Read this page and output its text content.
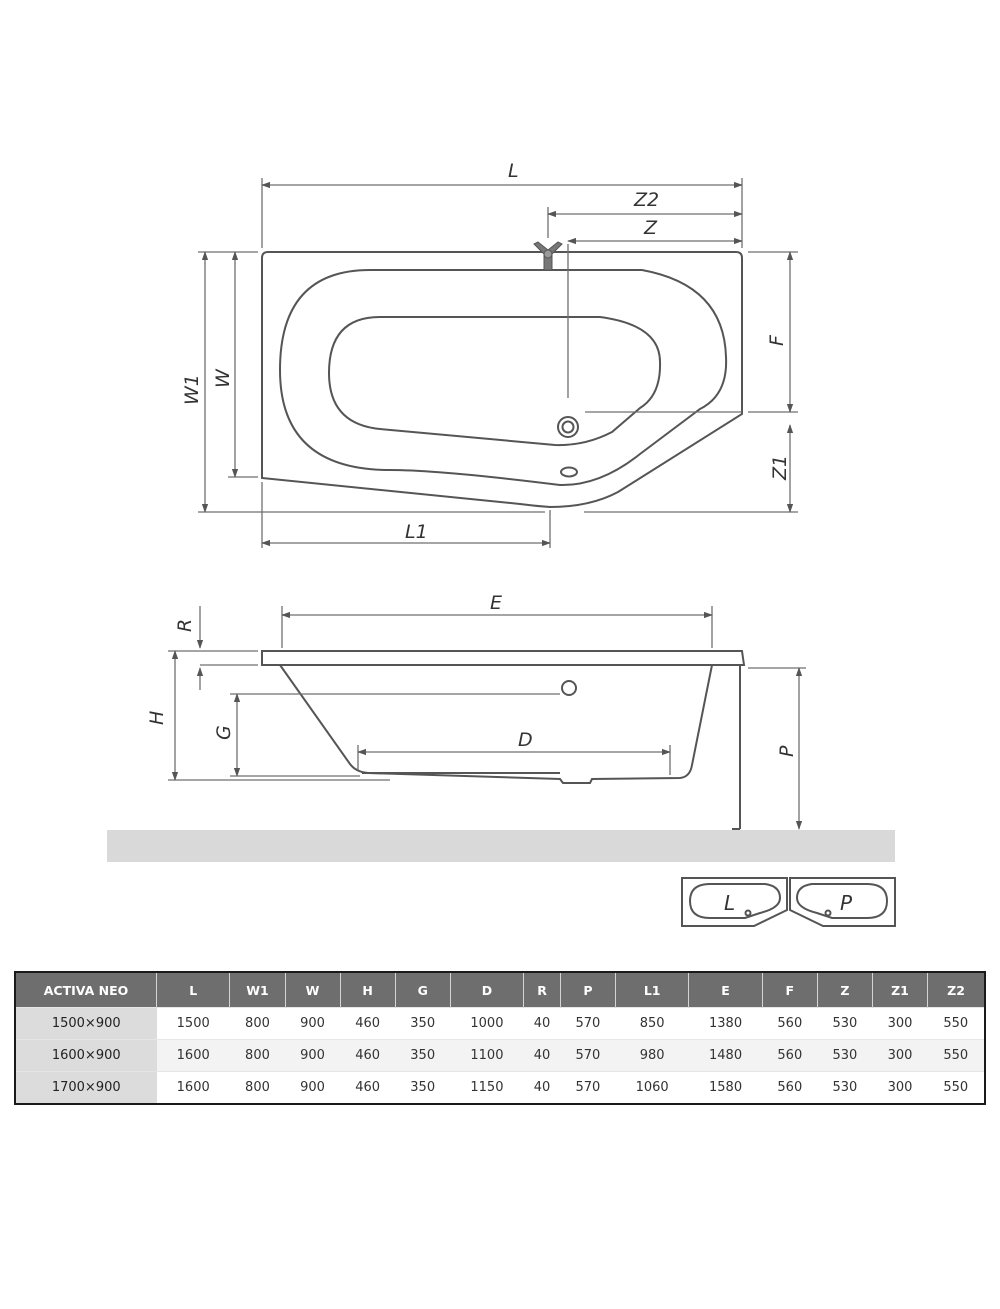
L
Z2
Z
W1 W
F
Z1
L1
E
R
H
G	D
P
L	P
ACTIVA NEO	L	W1	W	H	G	D	R	P	L1	E	F	Z	Z1	Z2
1500×900	1500	800	900	460	350	1000	40	570	850	1380	560	530	300	550
1600×900	1600	800	900	460	350	1100	40	570	980	1480	560	530	300	550
1700×900	1600	800	900	460	350	1150	40	570	1060	1580	560	530	300	550
